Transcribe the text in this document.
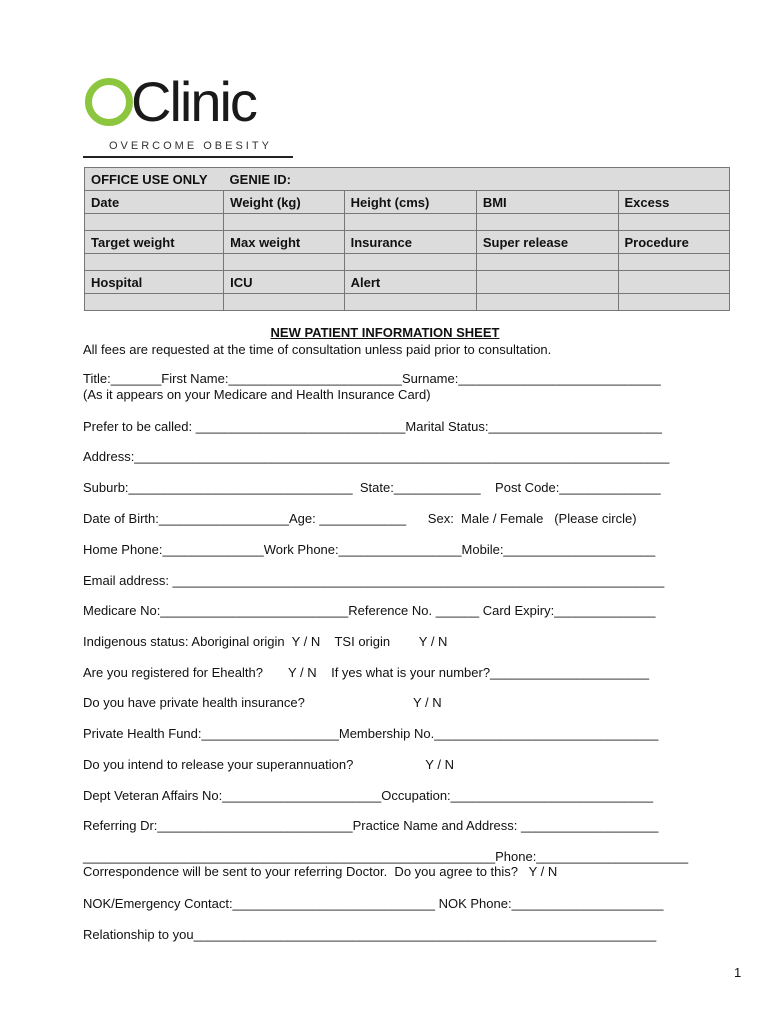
Clinic
OVERCOME OBESITY
OFFICE USE ONLY GENIE ID:				
Date	Weight (kg)	Height (cms)	BMI	Excess

Target weight	Max weight	Insurance	Super release	Procedure

Hospital	ICU	Alert		

NEW PATIENT INFORMATION SHEET
All fees are requested at the time of consultation unless paid prior to consultation.
Title:_______First Name:________________________Surname:____________________________
(As it appears on your Medicare and Health Insurance Card)
Prefer to be called: _____________________________Marital Status:________________________
Address:__________________________________________________________________________
Suburb:_______________________________  State:____________    Post Code:______________
Date of Birth:__________________Age: ____________      Sex:  Male / Female   (Please circle)
Home Phone:______________Work Phone:_________________Mobile:_____________________
Email address: ____________________________________________________________________
Medicare No:__________________________Reference No. ______ Card Expiry:______________
Indigenous status: Aboriginal origin  Y / N    TSI origin        Y / N
Are you registered for Ehealth?       Y / N    If yes what is your number?______________________
Do you have private health insurance?                              Y / N
Private Health Fund:___________________Membership No._______________________________
Do you intend to release your superannuation?                    Y / N
Dept Veteran Affairs No:______________________Occupation:____________________________
Referring Dr:___________________________Practice Name and Address: ___________________
_________________________________________________________Phone:_____________________
Correspondence will be sent to your referring Doctor.  Do you agree to this?   Y / N
NOK/Emergency Contact:____________________________ NOK Phone:_____________________
Relationship to you________________________________________________________________
1
